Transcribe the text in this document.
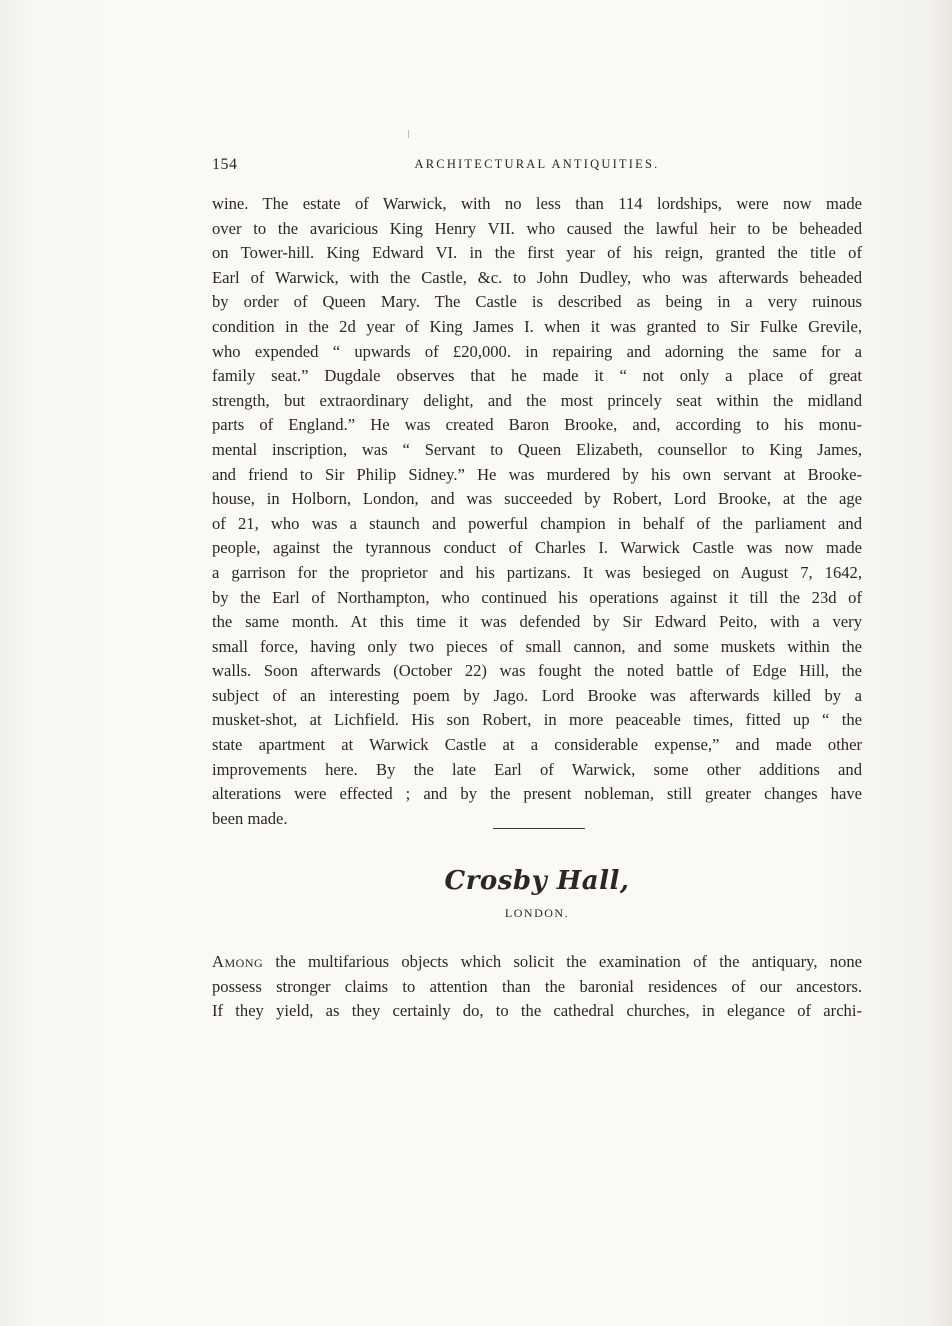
154	ARCHITECTURAL ANTIQUITIES.
wine. The estate of Warwick, with no less than 114 lordships, were now made
over to the avaricious King Henry VII. who caused the lawful heir to be beheaded
on Tower-hill. King Edward VI. in the first year of his reign, granted the title of
Earl of Warwick, with the Castle, &c. to John Dudley, who was afterwards beheaded
by order of Queen Mary. The Castle is described as being in a very ruinous
condition in the 2d year of King James I. when it was granted to Sir Fulke Grevile,
who expended “ upwards of £20,000. in repairing and adorning the same for a
family seat.” Dugdale observes that he made it “ not only a place of great
strength, but extraordinary delight, and the most princely seat within the midland
parts of England.” He was created Baron Brooke, and, according to his monu-
mental inscription, was “ Servant to Queen Elizabeth, counsellor to King James,
and friend to Sir Philip Sidney.” He was murdered by his own servant at Brooke-
house, in Holborn, London, and was succeeded by Robert, Lord Brooke, at the age
of 21, who was a staunch and powerful champion in behalf of the parliament and
people, against the tyrannous conduct of Charles I. Warwick Castle was now made
a garrison for the proprietor and his partizans. It was besieged on August 7, 1642,
by the Earl of Northampton, who continued his operations against it till the 23d of
the same month. At this time it was defended by Sir Edward Peito, with a very
small force, having only two pieces of small cannon, and some muskets within the
walls. Soon afterwards (October 22) was fought the noted battle of Edge Hill, the
subject of an interesting poem by Jago. Lord Brooke was afterwards killed by a
musket-shot, at Lichfield. His son Robert, in more peaceable times, fitted up “ the
state apartment at Warwick Castle at a considerable expense,” and made other
improvements here. By the late Earl of Warwick, some other additions and
alterations were effected ; and by the present nobleman, still greater changes have
been made.
Crosby Hall,
LONDON.
Among the multifarious objects which solicit the examination of the antiquary, none
possess stronger claims to attention than the baronial residences of our ancestors.
If they yield, as they certainly do, to the cathedral churches, in elegance of archi-
